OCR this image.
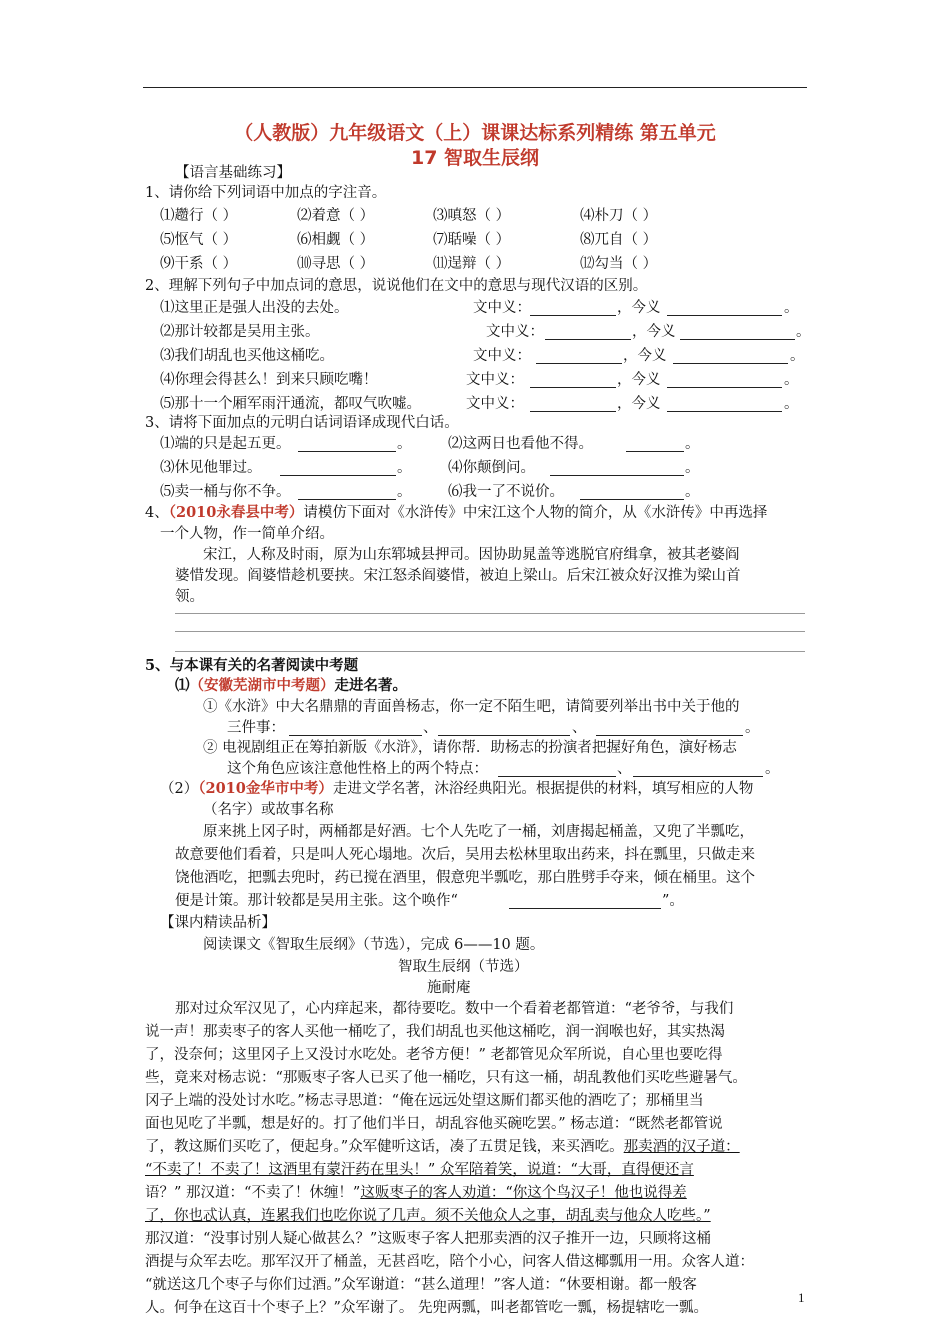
（人教版）九年级语文（上）课课达标系列精练 第五单元
17 智取生辰纲
【语言基础练习】
1、请你给下列词语中加点的字注音。
⑴趱行（ ）	⑵着意（ ）	⑶嗔怒（ ）	⑷朴刀（ ）
⑸怄气（ ）	⑹相觑（ ）	⑺聒噪（ ）	⑻兀自（ ）
⑼干系（ ）	⑽寻思（ ）	⑾逞辩（ ）	⑿勾当（ ）
2、理解下列句子中加点词的意思，说说他们在文中的意思与现代汉语的区别。
⑴这里正是强人出没的去处。	文中义：	，今义	。
⑵那计较都是吴用主张。	文中义：	，今义	。
⑶我们胡乱也买他这桶吃。	文中义：	，今义	。
⑷你理会得甚么！到来只顾吃嘴！	文中义：	，今义	。
⑸那十一个厢军雨汗通流，都叹气吹嘘。	文中义：	，今义	。
3、请将下面加点的元明白话词语译成现代白话。
⑴端的只是起五更。	。	⑵这两日也看他不得。	。
⑶休见他罪过。	。	⑷你颠倒问。	。
⑸卖一桶与你不争。	。	⑹我一了不说价。	。
4、（2010永春县中考）请模仿下面对《水浒传》中宋江这个人物的简介，从《水浒传》中再选择
一个人物，作一简单介绍。
宋江，人称及时雨，原为山东郓城县押司。因协助晁盖等逃脱官府缉拿，被其老婆阎
婆惜发现。阎婆惜趁机要挟。宋江怒杀阎婆惜，被迫上梁山。后宋江被众好汉推为梁山首
领。
5、与本课有关的名著阅读中考题
⑴（安徽芜湖市中考题）走进名著。
①《水浒》中大名鼎鼎的青面兽杨志，你一定不陌生吧，请简要列举出书中关于他的
三件事：	、	、	。
② 电视剧组正在筹拍新版《水浒》，请你帮．助杨志的扮演者把握好角色，演好杨志
这个角色应该注意他性格上的两个特点：	、	。
（2）（2010金华市中考）走进文学名著，沐浴经典阳光。根据提供的材料，填写相应的人物
（名字）或故事名称
原来挑上冈子时，两桶都是好酒。七个人先吃了一桶，刘唐揭起桶盖，又兜了半瓢吃，
故意要他们看着，只是叫人死心塌地。次后，吴用去松林里取出药来，抖在瓢里，只做走来
饶他酒吃，把瓢去兜时，药已搅在酒里，假意兜半瓢吃，那白胜劈手夺来，倾在桶里。这个
便是计策。那计较都是吴用主张。这个唤作“	”。
【课内精读品析】
阅读课文《智取生辰纲》（节选），完成 6——10 题。
智取生辰纲（节选）
施耐庵
那对过众军汉见了，心内痒起来，都待要吃。数中一个看着老都管道：“老爷爷，与我们
说一声！那卖枣子的客人买他一桶吃了，我们胡乱也买他这桶吃，润一润喉也好，其实热渴
了，没奈何；这里冈子上又没讨水吃处。老爷方便！” 老都管见众军所说，自心里也要吃得
些，竟来对杨志说：“那贩枣子客人已买了他一桶吃，只有这一桶，胡乱教他们买吃些避暑气。
冈子上端的没处讨水吃。”杨志寻思道：“俺在远远处望这厮们都买他的酒吃了；那桶里当
面也见吃了半瓢，想是好的。打了他们半日，胡乱容他买碗吃罢。” 杨志道：“既然老都管说
了，教这厮们买吃了，便起身。”众军健听这话，凑了五贯足钱，来买酒吃。那卖酒的汉子道：
“不卖了！不卖了！这酒里有蒙汗药在里头！” 众军陪着笑，说道：“大哥，直得便还言
语？” 那汉道：“不卖了！休缠！”这贩枣子的客人劝道：“你这个鸟汉子！他也说得差
了，你也忒认真，连累我们也吃你说了几声。须不关他众人之事，胡乱卖与他众人吃些。”
那汉道：“没事讨别人疑心做甚么？”这贩枣子客人把那卖酒的汉子推开一边，只顾将这桶
酒提与众军去吃。那军汉开了桶盖，无甚舀吃，陪个小心，问客人借这椰瓢用一用。众客人道：
“就送这几个枣子与你们过酒。”众军谢道：“甚么道理！”客人道：“休要相谢。都一般客
人。何争在这百十个枣子上？”众军谢了。 先兜两瓢，叫老都管吃一瓢，杨提辖吃一瓢。
1
